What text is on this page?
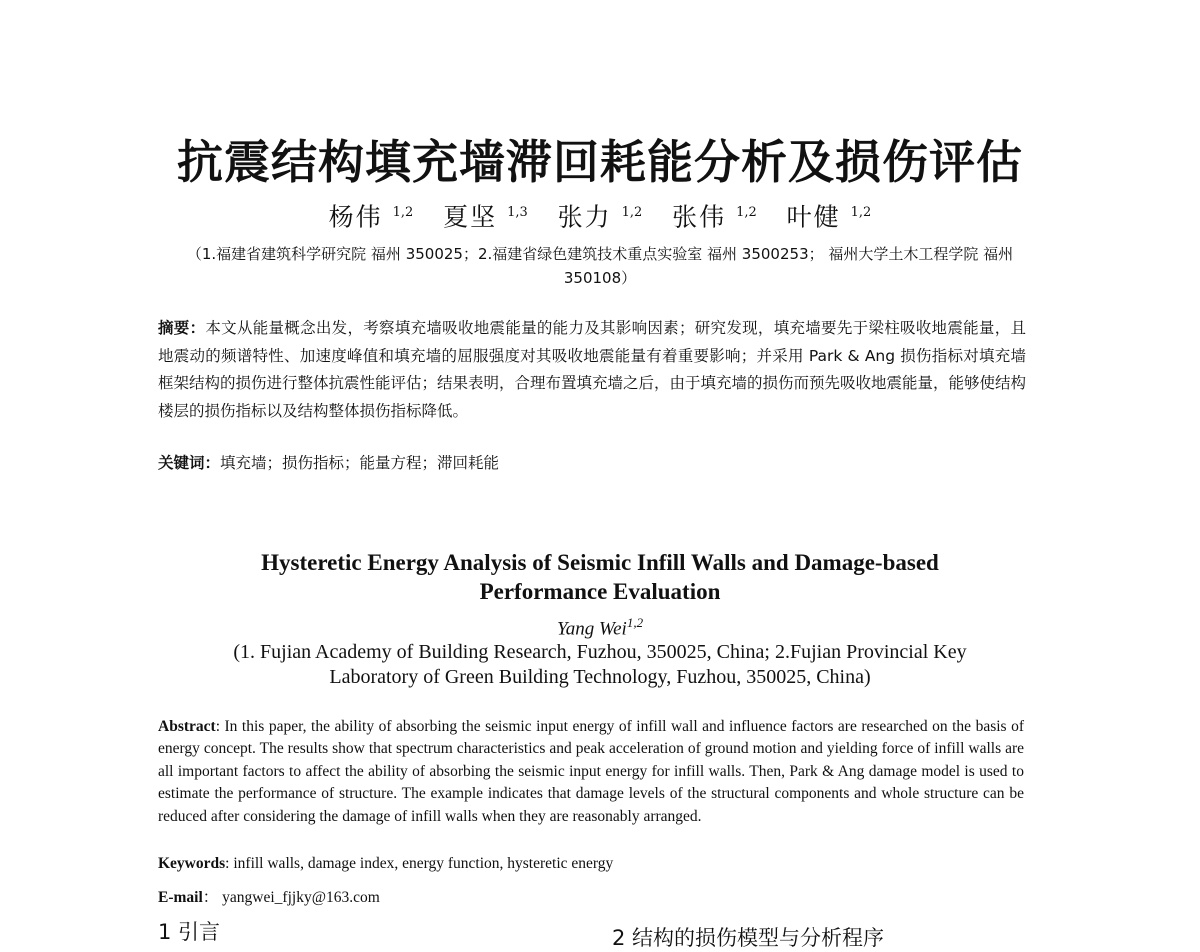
抗震结构填充墙滞回耗能分析及损伤评估
杨伟 $^{1,2}$ 夏坚 $^{1,3}$ 张力 $^{1,2}$ 张伟 $^{1,2}$ 叶健 $^{1,2}$
（1.福建省建筑科学研究院 福州 350025；2.福建省绿色建筑技术重点实验室 福州 3500253； 福州大学土木工程学院 福州 350108）
摘要：本文从能量概念出发，考察填充墙吸收地震能量的能力及其影响因素；研究发现，填充墙要先于梁柱吸收地震能量，且地震动的频谱特性、加速度峰值和填充墙的屈服强度对其吸收地震能量有着重要影响；并采用 Park & Ang 损伤指标对填充墙框架结构的损伤进行整体抗震性能评估；结果表明，合理布置填充墙之后，由于填充墙的损伤而预先吸收地震能量，能够使结构楼层的损伤指标以及结构整体损伤指标降低。
关键词：填充墙；损伤指标；能量方程；滞回耗能
Hysteretic Energy Analysis of Seismic Infill Walls and Damage-based
Performance Evaluation
Yang Wei$^{1,2}$
(1. Fujian Academy of Building Research, Fuzhou, 350025, China; 2.Fujian Provincial Key
Laboratory of Green Building Technology, Fuzhou, 350025, China)
Abstract: In this paper, the ability of absorbing the seismic input energy of infill wall and influence factors are researched on the basis of energy concept. The results show that spectrum characteristics and peak acceleration of ground motion and yielding force of infill walls are all important factors to affect the ability of absorbing the seismic input energy for infill walls. Then, Park & Ang damage model is used to estimate the performance of structure. The example indicates that damage levels of the structural components and whole structure can be reduced after considering the damage of infill walls when they are reasonably arranged.
Keywords: infill walls, damage index, energy function, hysteretic energy
E-mail： yangwei_fjjky@163.com
1 引言	2 结构的损伤模型与分析程序
